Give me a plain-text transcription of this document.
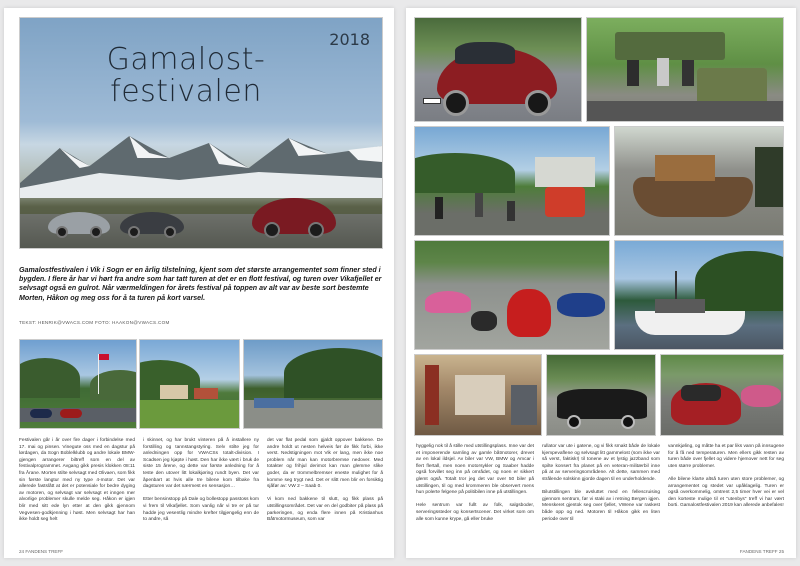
Gamalost-
festivalen
2018

Gamalostfestivalen i Vik i Sogn er en årlig tilstelning, kjent som det største arrangementet som finner sted i bygden. I flere år har vi hørt fra andre som har tatt turen at det er en flott festival, og turen over Vikafjellet er selvsagt også en gulrot. Når værmeldingen for årets festival på toppen av alt var av beste sort bestemte Morten, Håkon og meg oss for å ta turen på kort varsel.

TEKST: HENRIK@VWACS.COM FOTO: HAAKON@VWACS.COM
Festivalen går i år over fire dager i forbindelse med 17. mai og pinsen. Vinegute oss med en dagstur på lørdagen, da Sogn Boblelklubb og andre lokale BMW-gjengen arrangerer biltreff som en del av festivalprogrammet. Avgang gikk presis klokken 08:11 fra Årane. Morten stilte selvsagt med Olivaen, som fikk sin første langtur med ny type 4-motor. Det var allerede fastslått at det er potensiale for bedre dyging av motoren, og selvsagt var selvsagt et inngen mer alvorlige problemer skulle melde seg. Håkon er igjen blir med sitt ede lyn etter at den gikk gjennom Vegvesen-godkjenning i høst. Men selvsagt har han ikke holdt seg helt
i skinnet, og har brukt vinteren på å installere ny forstilling og tannstangstyring. Selv stilte jeg for anledningen opp for VWACSs totalt-division. I Scadsen jeg kjøpte i høst. Den har ikke vært i bruk de siste 15 årene, og dette var første anledning for å teste den utover litt lokalkjøring rundt byen. Det var åpenbart at hvis alle tre bilene kom tilbake fra dagsturen var det nærmest en sensasjon…

Etter bensinstopp på Dale og bollestopp passtoss kom vi frem til Vikafjellet. Som vanlig når vi tre er på tur hadde jeg vesentlig mindre krefter tilgjengelig enn de to andre, så
det var flat pedal som gjaldt oppover bakkene. De andre holdt ut nesten helveis før de fikk forbi, ikke verst. Nedstigningen mot Vik er lang, men ikke noe problem når man kan motorbremse nedover. Med totakter og frihjul derimot kan man glemme slike goder, da er trommelbremser eneste mulighet for å komme seg trygt ned. Det er slitt men blir en forsiktig sjåfør av: VW 2 – Saab 0.

Vi kom ned bakkene til slutt, og fikk plass på utstillingsområdet. Det var en del godbiter på plass på parkeringen, og enda flere innen på Kristianhus Båtmotormuseum, som var
24 FANDENS TREFF
hyggelig nok til å stille med utstillingsplass. Inne var det et imponerende samling av gamle båtmotorer, drevet av en lokal ildsjel. Av biler var VW, BMW og Amcar i flert flertall, men noen motorsykler og Saaber hadde også forvillet seg inn på området, og noen er sikkert glemt også. Totalt tror jeg det var over 50 biler på utstillingen, til og med krommeren ble observert mens hun polerte felgene på politibilen inne på utstillingen.

Hele sentrum var fullt av folk, salgsboder, serveringssteder og konsertscener. Det virket som om alle som kunne krype, gå eller bruke
rullator var ute i gatene, og vi fikk smakt både de lokale kjempevaflene og selvsagt litt gammelost (som ikke var så verst, faktisk!) til tonene av et lystig jazzband som spilte konsert fra planet på en veteran-militærbil inne på at av serveringsområdene. Alt dette, sammen med strålende solskinn gjorde dagen til en underholdende.

Bilutstillingen ble avsluttet med en fellescruising gjennom sentrum, før vi staki av i retning Bergen igjen. Menskeret gjentok seg over fjellet, VWene var raskest både opp og ned. Motoren til Håkon gikk en liten periode over til
vannkjøling, og måtte ha et par liks vann på innsugene for å få ned temperaturen. Men ellers gikk resten av turen både over fjellet og videre hjemover nett for seg uten større problemer.

Alle bilene klarte altså turen uten store problemer, og arrangementet og stedet var upåklagelig. Turen er også overkommelig, omtrent 2,5 timer hver vei er vel den korteste mulige til et "utenbys" treff vi har vært borti. Gamalostfestivalen 2019 kan allerede anbefales!
FANDENS TREFF 25
